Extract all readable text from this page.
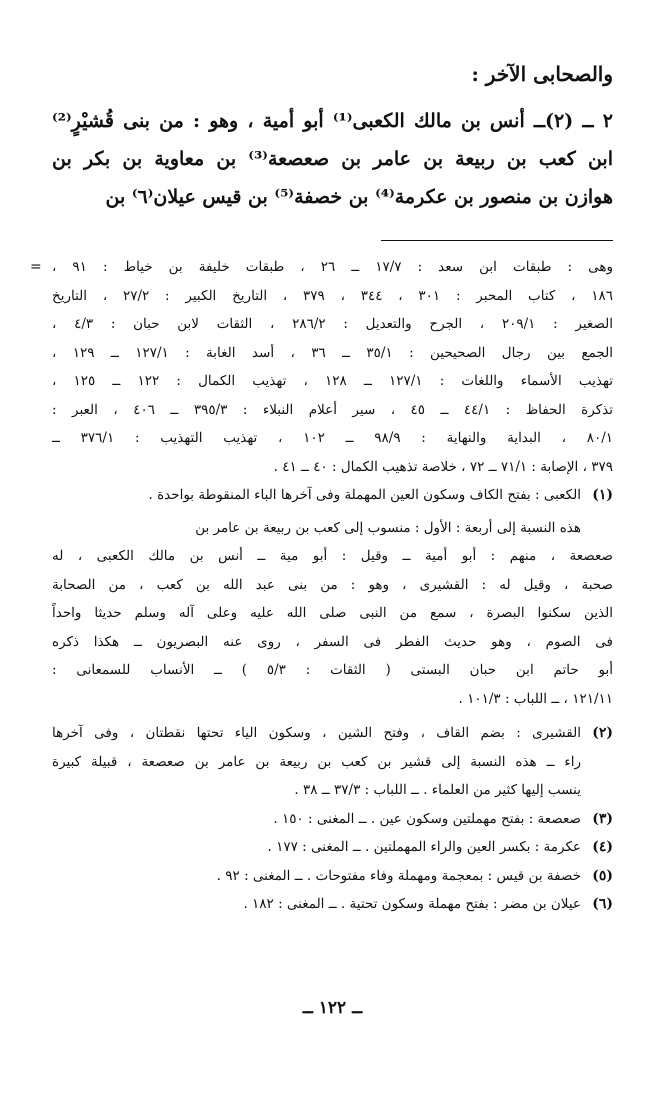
والصحابى الآخر :
٢ ــ (٢)ــ أنس بن مالك الكعبى⁽¹⁾ أبو أمية ، وهو : من بنى قُشيْرٍ⁽²⁾
ابن كعب بن ربيعة بن عامر بن صعصعة⁽³⁾ بن معاوية بن بكر بن
هوازن بن منصور بن عكرمة⁽⁴⁾ بن خصفة⁽⁵⁾ بن قيس عيلان⁽٦⁾ بن
= وهى : طبقات ابن سعد : ١٧/٧ ــ ٢٦ ، طبقات خليفة بن خياط : ٩١ ،
١٨٦ ، كتاب المحبر : ٣٠١ ، ٣٤٤ ، ٣٧٩ ، التاريخ الكبير : ٢٧/٢ ، التاريخ
الصغير : ٢٠٩/١ ، الجرح والتعديل : ٢٨٦/٢ ، الثقات لابن حبان : ٤/٣ ،
الجمع بين رجال الصحيحين : ٣٥/١ ــ ٣٦ ، أسد الغابة : ١٢٧/١ ــ ١٢٩ ،
تهذيب الأسماء واللغات : ١٢٧/١ ــ ١٢٨ ، تهذيب الكمال : ١٢٢ ــ ١٢٥ ،
تذكرة الحفاظ : ٤٤/١ ــ ٤٥ ، سير أعلام النبلاء : ٣٩٥/٣ ــ ٤٠٦ ، العبر :
٨٠/١ ، البداية والنهاية : ٩٨/٩ ــ ١٠٢ ، تهذيب التهذيب : ٣٧٦/١ ــ
٣٧٩ ، الإصابة : ٧١/١ ــ ٧٢ ، خلاصة تذهيب الكمال : ٤٠ ــ ٤١ .
(١)
الكعبى : بفتح الكاف وسكون العين المهملة وفى آخرها الباء المنقوطة بواحدة .
هذه النسبة إلى أربعة : الأول : منسوب إلى كعب بن ربيعة بن عامر بن
صعصعة ، منهم : أبو أمية ــ وقيل : أبو مية ــ أنس بن مالك الكعبى ، له
صحبة ، وقيل له : القشيرى ، وهو : من بنى عبد الله بن كعب ، من الصحابة
الذين سكنوا البصرة ، سمع من النبى صلى الله عليه وعلى آله وسلم حديثا واحداً
فى الصوم ، وهو حديث الفطر فى السفر ، روى عنه البصريون ــ هكذا ذكره
أبو حاتم ابن حبان البستى ( الثقات : ٥/٣ ) ــ الأنساب للسمعانى :
١٢١/١١ ، ــ اللباب : ١٠١/٣ .
(٢)
القشيرى : بضم القاف ، وفتح الشين ، وسكون الياء تحتها نقطتان ، وفى آخرها
راء ــ هذه النسبة إلى قشير بن كعب بن ربيعة بن عامر بن صعصعة ، قبيلة كبيرة
ينسب إليها كثير من العلماء . ــ اللباب : ٣٧/٣ ــ ٣٨ .
(٣)
صعصعة : بفتح مهملتين وسكون عين . ــ المغنى : ١٥٠ .
(٤)
عكرمة : بكسر العين والراء المهملتين . ــ المغنى : ١٧٧ .
(٥)
خصفة بن قيس : بمعجمة ومهملة وفاء مفتوحات . ــ المغنى : ٩٢ .
(٦)
عيلان بن مضر : بفتح مهملة وسكون تحتية . ــ المغنى : ١٨٢ .
ــ ١٢٢ ــ
